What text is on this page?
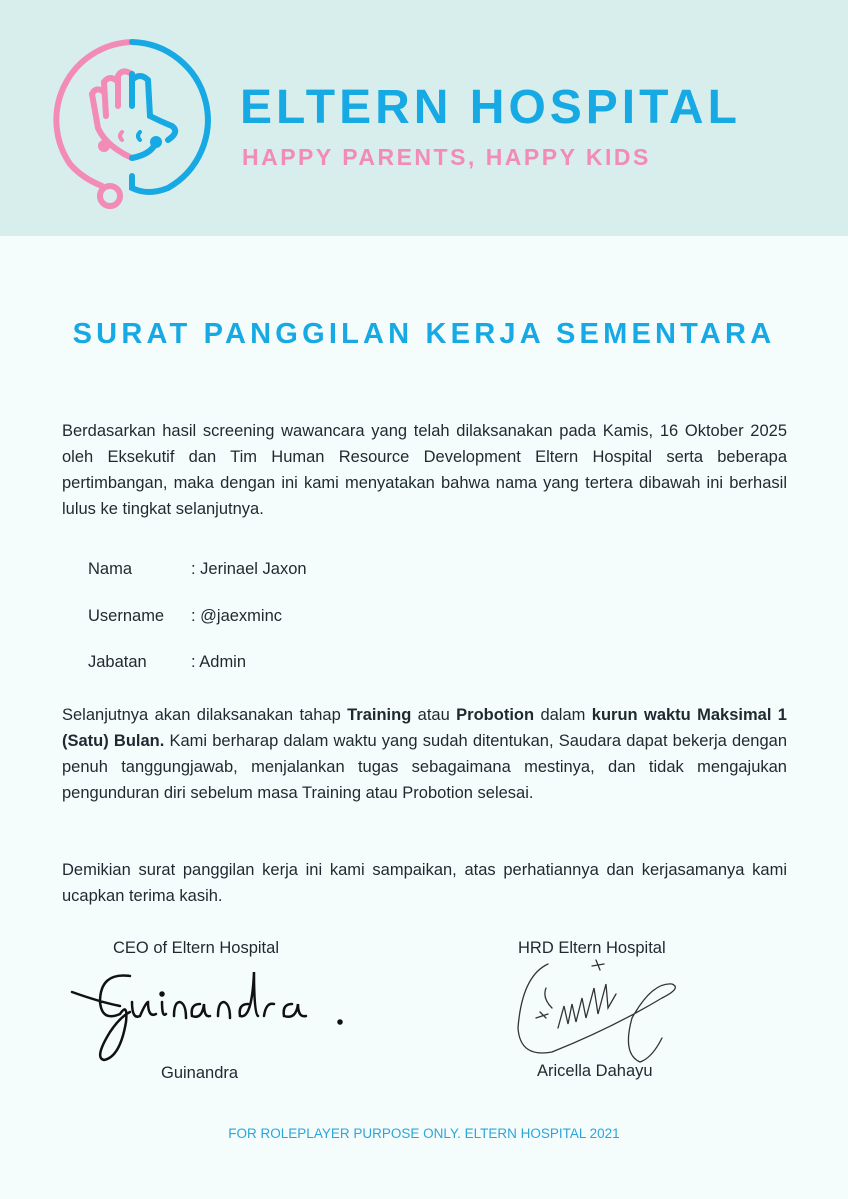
ELTERN HOSPITAL
HAPPY PARENTS, HAPPY KIDS
SURAT PANGGILAN KERJA SEMENTARA
Berdasarkan hasil screening wawancara yang telah dilaksanakan pada Kamis, 16 Oktober 2025 oleh Eksekutif dan Tim Human Resource Development Eltern Hospital serta beberapa pertimbangan, maka dengan ini kami menyatakan bahwa nama yang tertera dibawah ini berhasil lulus ke tingkat selanjutnya.
Nama	: Jerinael Jaxon
Username : @jaexminc
Jabatan	: Admin
Selanjutnya akan dilaksanakan tahap Training atau Probotion dalam kurun waktu Maksimal 1 (Satu) Bulan. Kami berharap dalam waktu yang sudah ditentukan, Saudara dapat bekerja dengan penuh tanggungjawab, menjalankan tugas sebagaimana mestinya, dan tidak mengajukan pengunduran diri sebelum masa Training atau Probotion selesai.
Demikian surat panggilan kerja ini kami sampaikan, atas perhatiannya dan kerjasamanya kami ucapkan terima kasih.
CEO of Eltern Hospital
Guinandra
HRD Eltern Hospital
Aricella Dahayu
FOR ROLEPLAYER PURPOSE ONLY. ELTERN HOSPITAL 2021
